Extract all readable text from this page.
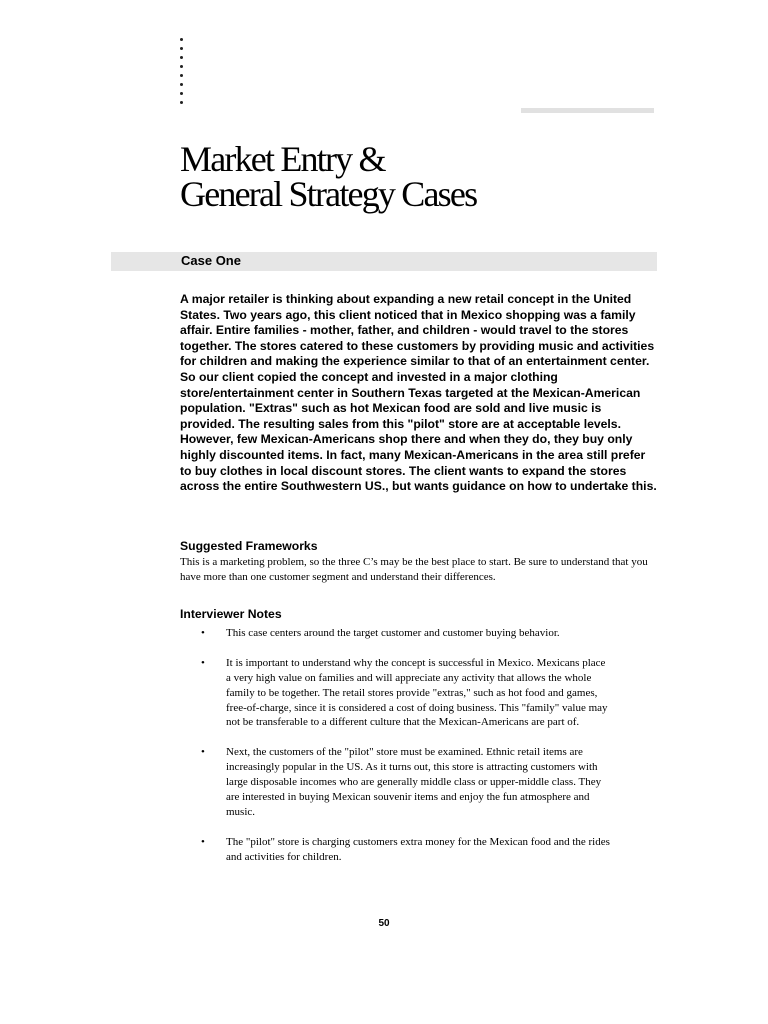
Market Entry &
General Strategy Cases
Case One

A major retailer is thinking about expanding a new retail concept in the United States. Two years ago, this client noticed that in Mexico shopping was a family affair. Entire families - mother, father, and children - would travel to the stores together. The stores catered to these customers by providing music and activities for children and making the experience similar to that of an entertainment center. So our client copied the concept and invested in a major clothing store/entertainment center in Southern Texas targeted at the Mexican-American population. "Extras" such as hot Mexican food are sold and live music is provided. The resulting sales from this "pilot" store are at acceptable levels. However, few Mexican-Americans shop there and when they do, they buy only highly discounted items. In fact, many Mexican-Americans in the area still prefer to buy clothes in local discount stores. The client wants to expand the stores across the entire Southwestern US., but wants guidance on how to undertake this.

Suggested Frameworks

This is a marketing problem, so the three C’s may be the best place to start. Be sure to understand that you have more than one customer segment and understand their differences.

Interviewer Notes
• This case centers around the target customer and customer buying behavior.
• It is important to understand why the concept is successful in Mexico. Mexicans place a very high value on families and will appreciate any activity that allows the whole family to be together. The retail stores provide "extras," such as hot food and games, free-of-charge, since it is considered a cost of doing business. This "family" value may not be transferable to a different culture that the Mexican-Americans are part of.
• Next, the customers of the "pilot" store must be examined. Ethnic retail items are increasingly popular in the US. As it turns out, this store is attracting customers with large disposable incomes who are generally middle class or upper-middle class. They are interested in buying Mexican souvenir items and enjoy the fun atmosphere and music.
• The "pilot" store is charging customers extra money for the Mexican food and the rides and activities for children.

50
